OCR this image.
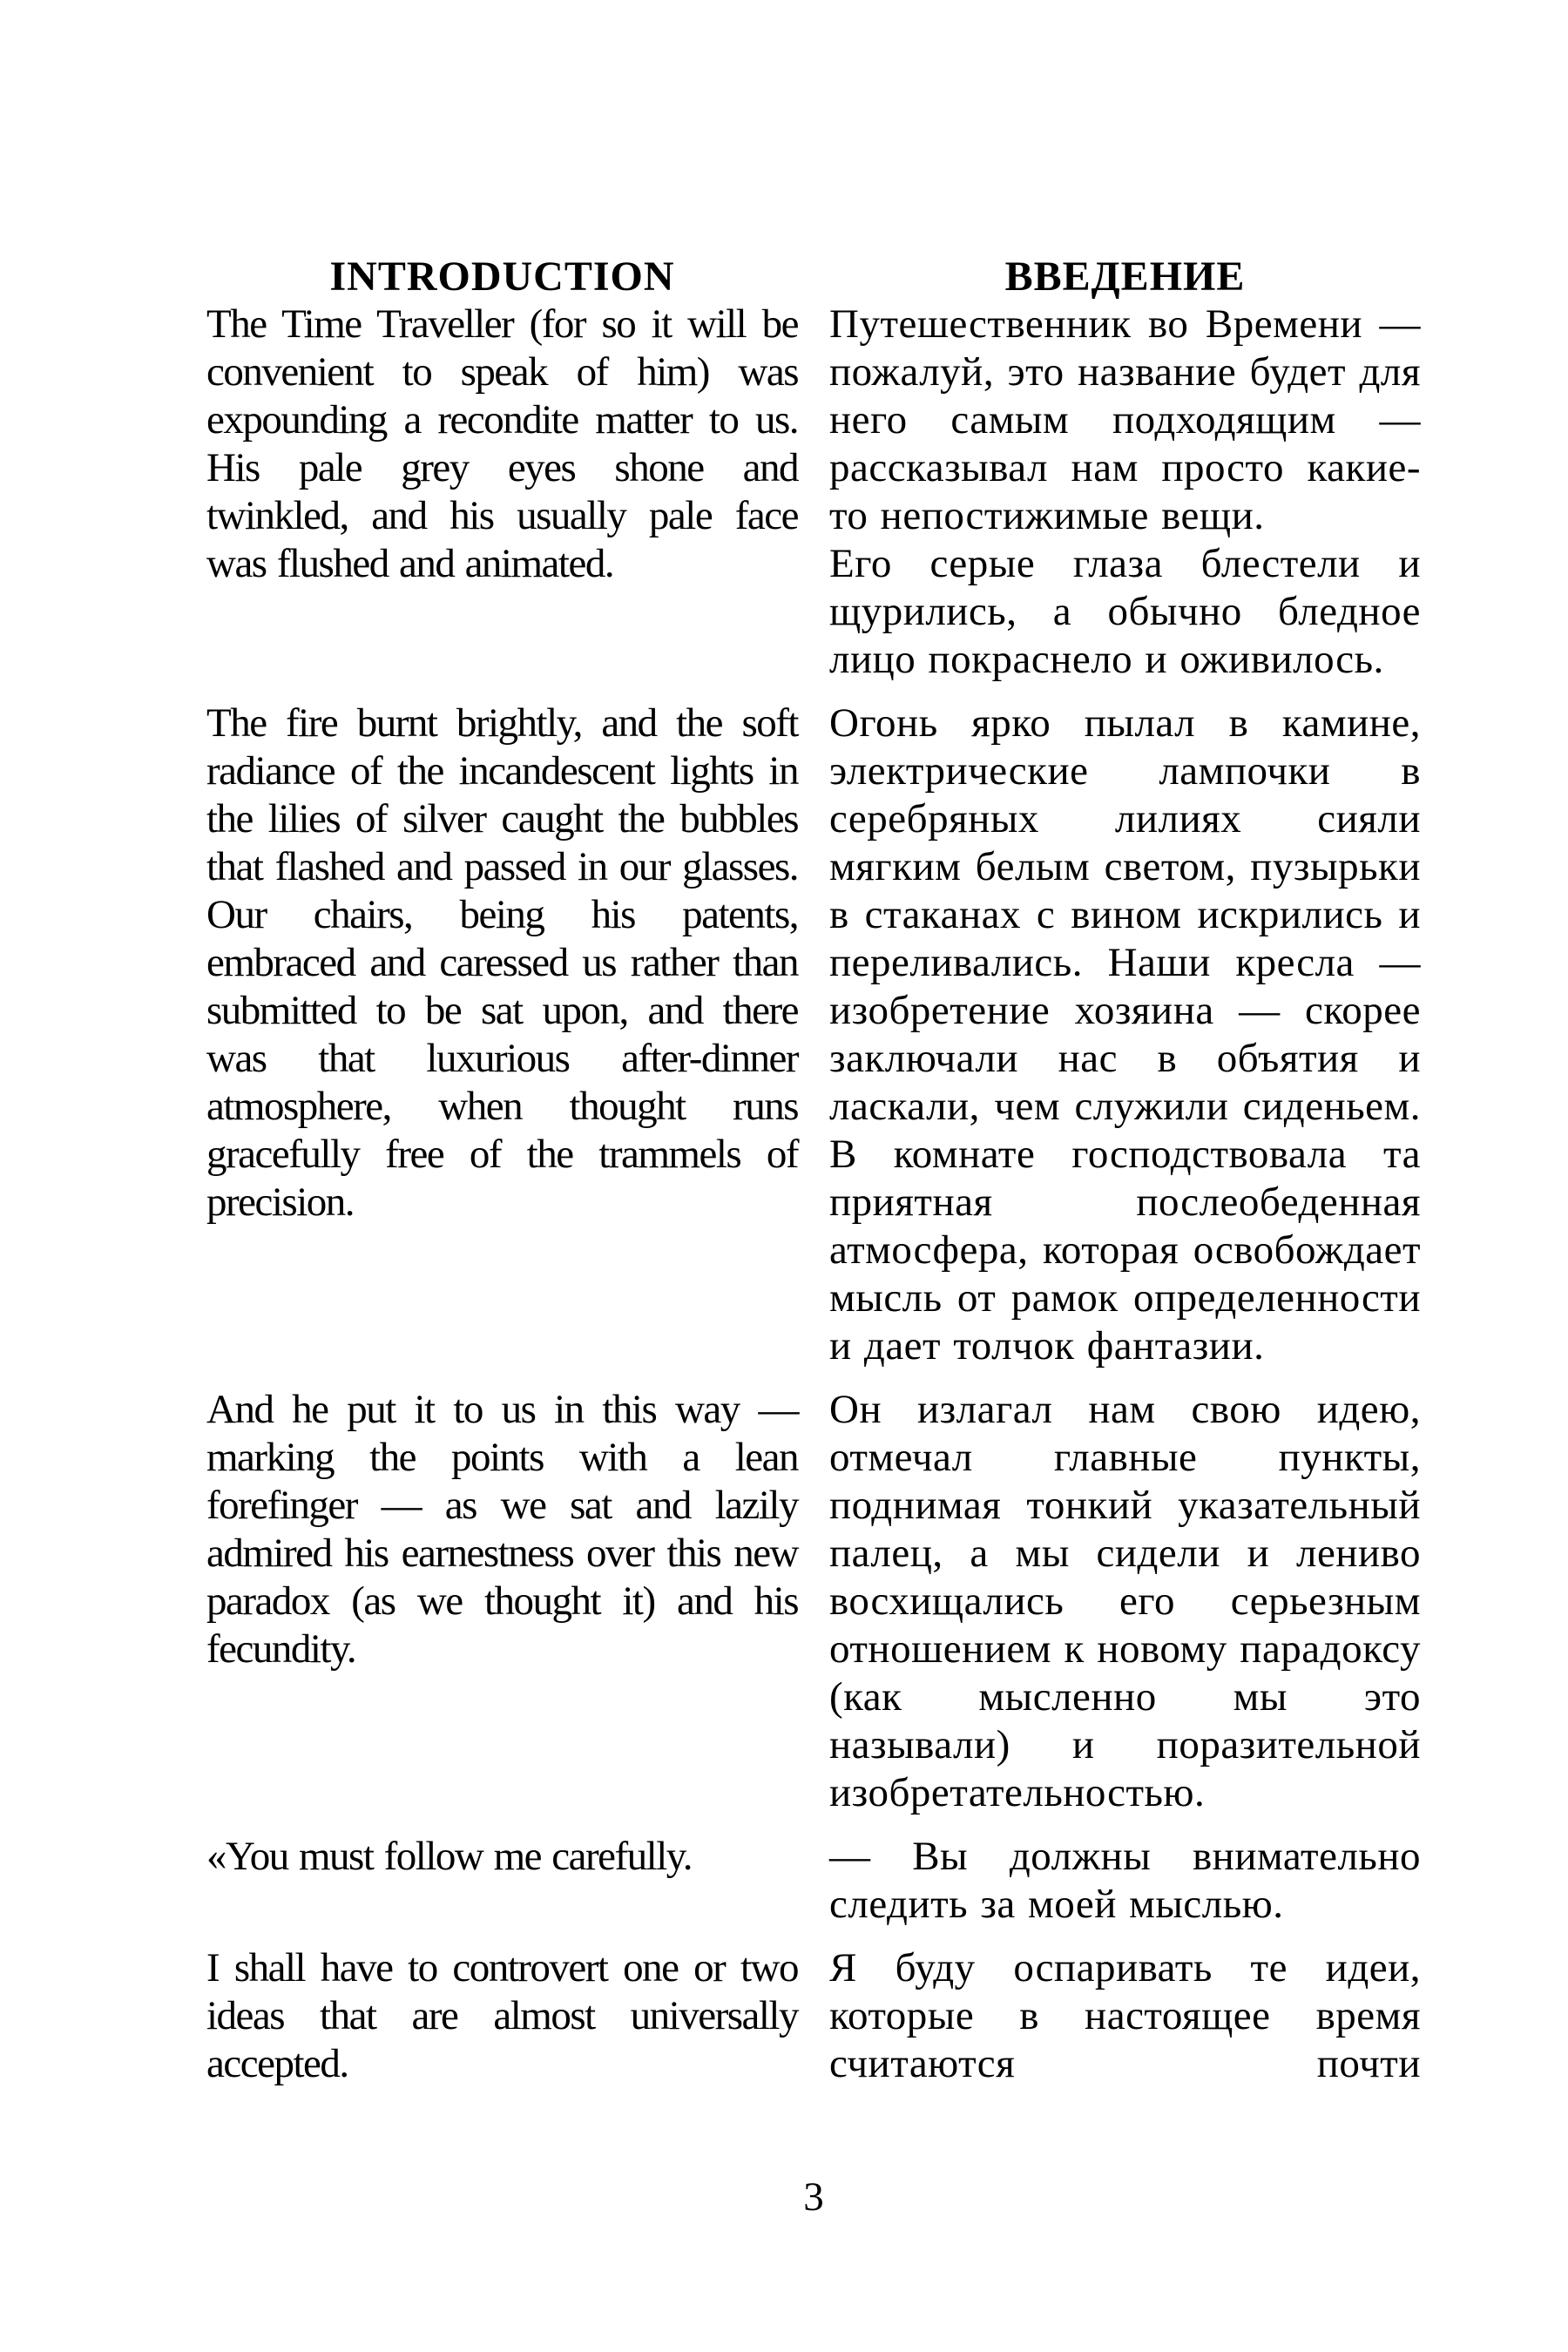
INTRODUCTION	ВВЕДЕНИЕ

The Time Traveller (for so it will be convenient to speak of him) was expounding a recondite matter to us. His pale grey eyes shone and twinkled, and his usually pale face was flushed and animated.

Путешественник во Времени — пожалуй, это название будет для него самым подходящим — рассказывал нам просто какие-то непостижимые вещи.

Его серые глаза блестели и щурились, а обычно бледное лицо покраснело и оживилось.

The fire burnt brightly, and the soft radiance of the incandescent lights in the lilies of silver caught the bubbles that flashed and passed in our glasses. Our chairs, being his patents, embraced and caressed us rather than submitted to be sat upon, and there was that luxurious after-dinner atmosphere, when thought runs gracefully free of the trammels of precision.

Огонь ярко пылал в камине, электрические лампочки в серебряных лилиях сияли мягким белым светом, пузырьки в стаканах с вином искрились и переливались. Наши кресла — изобретение хозяина — скорее заключали нас в объятия и ласкали, чем служили сиденьем. В комнате господствовала та приятная послеобеденная атмосфера, которая освобождает мысль от рамок определенности и дает толчок фантазии.

And he put it to us in this way — marking the points with a lean forefinger — as we sat and lazily admired his earnestness over this new paradox (as we thought it) and his fecundity.

Он излагал нам свою идею, отмечал главные пункты, поднимая тонкий указательный палец, а мы сидели и лениво восхищались его серьезным отношением к новому парадоксу (как мысленно мы это называли) и поразительной изобретательностью.

«You must follow me carefully.	— Вы должны внимательно следить за моей мыслью.

I shall have to controvert one or two ideas that are almost universally accepted.

Я буду оспаривать те идеи, которые в настоящее время считаются почти

3
